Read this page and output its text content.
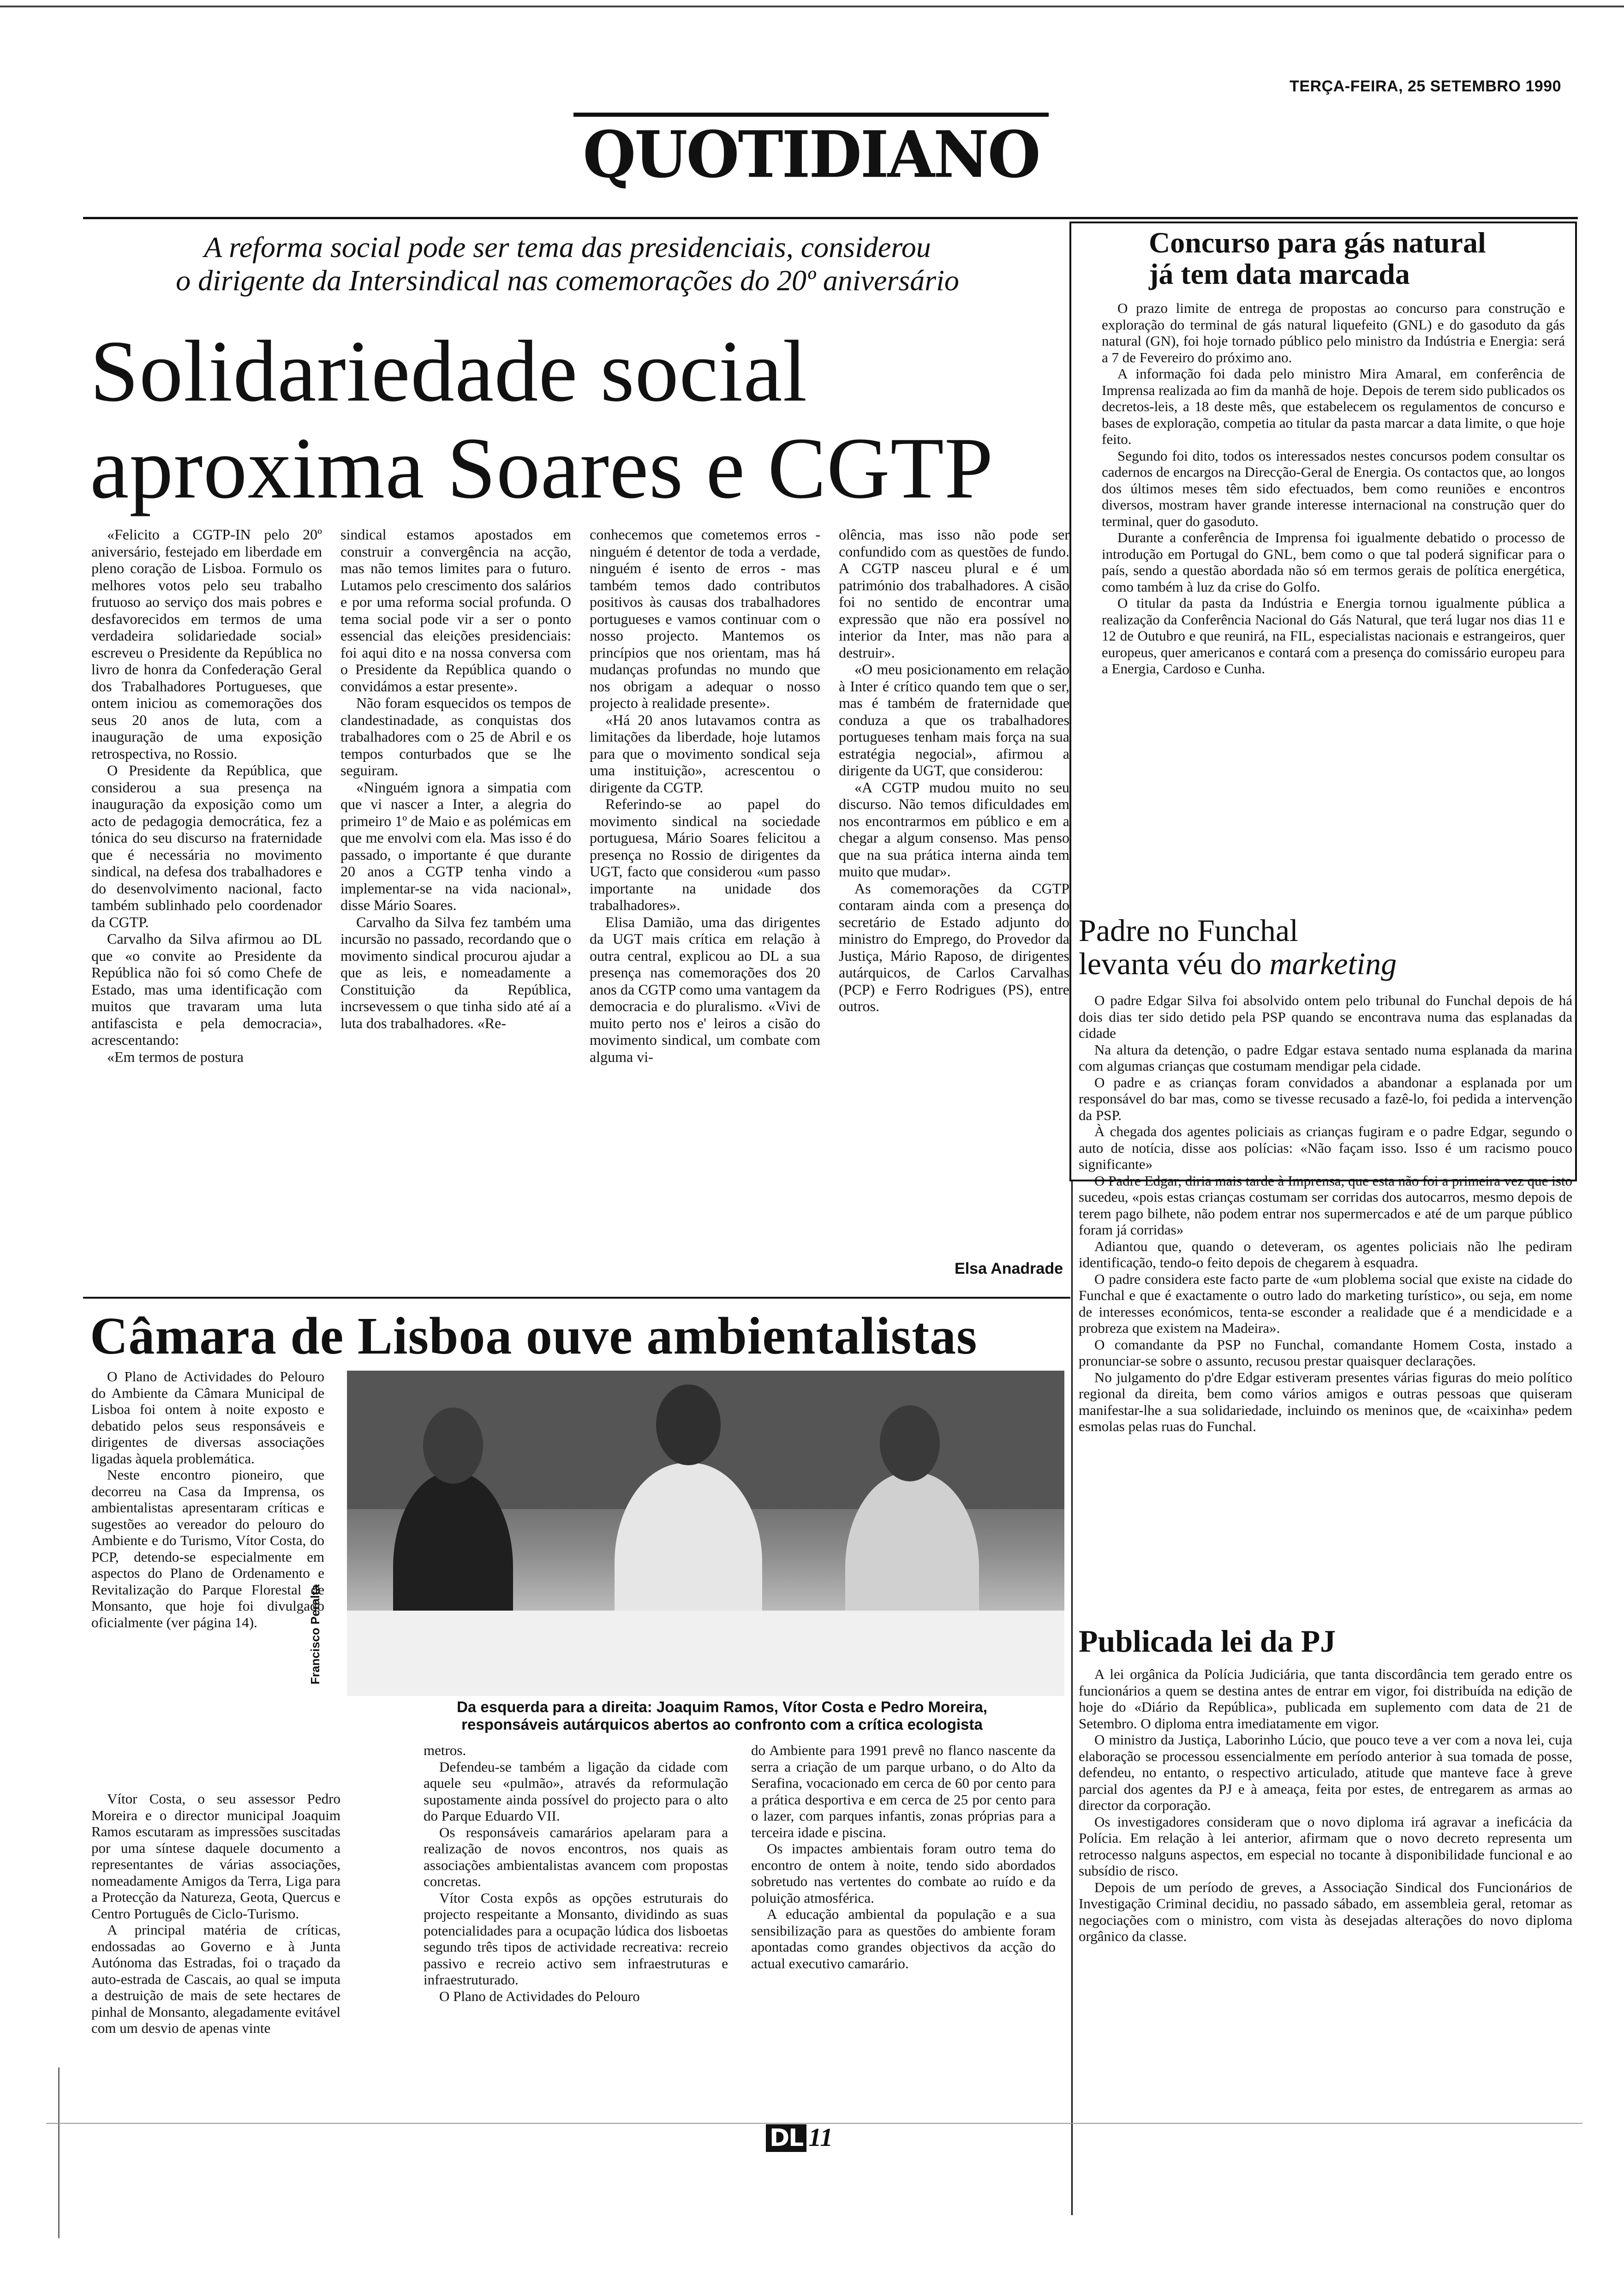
TERÇA-FEIRA, 25 SETEMBRO 1990
QUOTIDIANO
A reforma social pode ser tema das presidenciais, considerou
o dirigente da Intersindical nas comemorações do 20º aniversário
Solidariedade social
aproxima Soares e CGTP

«Felicito a CGTP-IN pelo 20º aniversário, festejado em liberdade em pleno coração de Lisboa. Formulo os melhores votos pelo seu trabalho frutuoso ao serviço dos mais pobres e desfavorecidos em termos de uma verdadeira solidariedade social» escreveu o Presidente da República no livro de honra da Confederação Geral dos Trabalhadores Portugueses, que ontem iniciou as comemorações dos seus 20 anos de luta, com a inauguração de uma exposição retrospectiva, no Rossio.

O Presidente da República, que considerou a sua presença na inauguração da exposição como um acto de pedagogia democrática, fez a tónica do seu discurso na fraternidade que é necessária no movimento sindical, na defesa dos trabalhadores e do desenvolvimento nacional, facto também sublinhado pelo coordenador da CGTP.

Carvalho da Silva afirmou ao DL que «o convite ao Presidente da República não foi só como Chefe de Estado, mas uma identificação com muitos que travaram uma luta antifascista e pela democracia», acrescentando:

«Em termos de postura

sindical estamos apostados em construir a convergência na acção, mas não temos limites para o futuro. Lutamos pelo crescimento dos salários e por uma reforma social profunda. O tema social pode vir a ser o ponto essencial das eleições presidenciais: foi aqui dito e na nossa conversa com o Presidente da República quando o convidámos a estar presente».

Não foram esquecidos os tempos de clandestinadade, as conquistas dos trabalhadores com o 25 de Abril e os tempos conturbados que se lhe seguiram.

«Ninguém ignora a simpatia com que vi nascer a Inter, a alegria do primeiro 1º de Maio e as polémicas em que me envolvi com ela. Mas isso é do passado, o importante é que durante 20 anos a CGTP tenha vindo a implementar-se na vida nacional», disse Mário Soares.

Carvalho da Silva fez também uma incursão no passado, recordando que o movimento sindical procurou ajudar a que as leis, e nomeadamente a Constituição da República, incrsevessem o que tinha sido até aí a luta dos trabalhadores. «Re-

conhecemos que cometemos erros - ninguém é detentor de toda a verdade, ninguém é isento de erros - mas também temos dado contributos positivos às causas dos trabalhadores portugueses e vamos continuar com o nosso projecto. Mantemos os princípios que nos orientam, mas há mudanças profundas no mundo que nos obrigam a adequar o nosso projecto à realidade presente».

«Há 20 anos lutavamos contra as limitações da liberdade, hoje lutamos para que o movimento sondical seja uma instituição», acrescentou o dirigente da CGTP.

Referindo-se ao papel do movimento sindical na sociedade portuguesa, Mário Soares felicitou a presença no Rossio de dirigentes da UGT, facto que considerou «um passo importante na unidade dos trabalhadores».

Elisa Damião, uma das dirigentes da UGT mais crítica em relação à outra central, explicou ao DL a sua presença nas comemorações dos 20 anos da CGTP como uma vantagem da democracia e do pluralismo. «Vivi de muito perto nos e' leiros a cisão do movimento sindical, um combate com alguma vi-

olência, mas isso não pode ser confundido com as questões de fundo. A CGTP nasceu plural e é um património dos trabalhadores. A cisão foi no sentido de encontrar uma expressão que não era possível no interior da Inter, mas não para a destruir».

«O meu posicionamento em relação à Inter é crítico quando tem que o ser, mas é também de fraternidade que conduza a que os trabalhadores portugueses tenham mais força na sua estratégia negocial», afirmou a dirigente da UGT, que considerou:

«A CGTP mudou muito no seu discurso. Não temos dificuldades em nos encontrarmos em público e em a chegar a algum consenso. Mas penso que na sua prática interna ainda tem muito que mudar».

As comemorações da CGTP contaram ainda com a presença do secretário de Estado adjunto do ministro do Emprego, do Provedor da Justiça, Mário Raposo, de dirigentes autárquicos, de Carlos Carvalhas (PCP) e Ferro Rodrigues (PS), entre outros.

Elsa Anadrade
Concurso para gás natural
já tem data marcada

O prazo limite de entrega de propostas ao concurso para construção e exploração do terminal de gás natural liquefeito (GNL) e do gasoduto da gás natural (GN), foi hoje tornado público pelo ministro da Indústria e Energia: será a 7 de Fevereiro do próximo ano.

A informação foi dada pelo ministro Mira Amaral, em conferência de Imprensa realizada ao fim da manhã de hoje. Depois de terem sido publicados os decretos-leis, a 18 deste mês, que estabelecem os regulamentos de concurso e bases de exploração, competia ao titular da pasta marcar a data limite, o que hoje feito.

Segundo foi dito, todos os interessados nestes concursos podem consultar os cadernos de encargos na Direcção-Geral de Energia. Os contactos que, ao longos dos últimos meses têm sido efectuados, bem como reuniões e encontros diversos, mostram haver grande interesse internacional na construção quer do terminal, quer do gasoduto.

Durante a conferência de Imprensa foi igualmente debatido o processo de introdução em Portugal do GNL, bem como o que tal poderá significar para o país, sendo a questão abordada não só em termos gerais de política energética, como também à luz da crise do Golfo.

O titular da pasta da Indústria e Energia tornou igualmente pública a realização da Conferência Nacional do Gás Natural, que terá lugar nos dias 11 e 12 de Outubro e que reunirá, na FIL, especialistas nacionais e estrangeiros, quer europeus, quer americanos e contará com a presença do comissário europeu para a Energia, Cardoso e Cunha.

Padre no Funchal
levanta véu do marketing

O padre Edgar Silva foi absolvido ontem pelo tribunal do Funchal depois de há dois dias ter sido detido pela PSP quando se encontrava numa das esplanadas da cidade

Na altura da detenção, o padre Edgar estava sentado numa esplanada da marina com algumas crianças que costumam mendigar pela cidade.

O padre e as crianças foram convidados a abandonar a esplanada por um responsável do bar mas, como se tivesse recusado a fazê-lo, foi pedida a intervenção da PSP.

À chegada dos agentes policiais as crianças fugiram e o padre Edgar, segundo o auto de notícia, disse aos polícias: «Não façam isso. Isso é um racismo pouco significante»

O Padre Edgar, diria mais tarde à Imprensa, que esta não foi a primeira vez que isto sucedeu, «pois estas crianças costumam ser corridas dos autocarros, mesmo depois de terem pago bilhete, não podem entrar nos supermercados e até de um parque público foram já corridas»

Adiantou que, quando o deteveram, os agentes policiais não lhe pediram identificação, tendo-o feito depois de chegarem à esquadra.

O padre considera este facto parte de «um ploblema social que existe na cidade do Funchal e que é exactamente o outro lado do marketing turístico», ou seja, em nome de interesses económicos, tenta-se esconder a realidade que é a mendicidade e a probreza que existem na Madeira».

O comandante da PSP no Funchal, comandante Homem Costa, instado a pronunciar-se sobre o assunto, recusou prestar quaisquer declarações.

No julgamento do p'dre Edgar estiveram presentes várias figuras do meio político regional da direita, bem como vários amigos e outras pessoas que quiseram manifestar-lhe a sua solidariedade, incluindo os meninos que, de «caixinha» pedem esmolas pelas ruas do Funchal.

Publicada lei da PJ

A lei orgânica da Polícia Judiciária, que tanta discordância tem gerado entre os funcionários a quem se destina antes de entrar em vigor, foi distribuída na edição de hoje do «Diário da República», publicada em suplemento com data de 21 de Setembro. O diploma entra imediatamente em vigor.

O ministro da Justiça, Laborinho Lúcio, que pouco teve a ver com a nova lei, cuja elaboração se processou essencialmente em período anterior à sua tomada de posse, defendeu, no entanto, o respectivo articulado, atitude que manteve face à greve parcial dos agentes da PJ e à ameaça, feita por estes, de entregarem as armas ao director da corporação.

Os investigadores consideram que o novo diploma irá agravar a ineficácia da Polícia. Em relação à lei anterior, afirmam que o novo decreto representa um retrocesso nalguns aspectos, em especial no tocante à disponibilidade funcional e ao subsídio de risco.

Depois de um período de greves, a Associação Sindical dos Funcionários de Investigação Criminal decidiu, no passado sábado, em assembleia geral, retomar as negociações com o ministro, com vista às desejadas alterações do novo diploma orgânico da classe.

Câmara de Lisboa ouve ambientalistas

O Plano de Actividades do Pelouro do Ambiente da Câmara Municipal de Lisboa foi ontem à noite exposto e debatido pelos seus responsáveis e dirigentes de diversas associações ligadas àquela problemática.

Neste encontro pioneiro, que decorreu na Casa da Imprensa, os ambientalistas apresentaram críticas e sugestões ao vereador do pelouro do Ambiente e do Turismo, Vítor Costa, do PCP, detendo-se especialmente em aspectos do Plano de Ordenamento e Revitalização do Parque Florestal de Monsanto, que hoje foi divulgado oficialmente (ver página 14).	Francisco Peralta
Da esquerda para a direita: Joaquim Ramos, Vítor Costa e Pedro Moreira,
responsáveis autárquicos abertos ao confronto com a crítica ecologista

Vítor Costa, o seu assessor Pedro Moreira e o director municipal Joaquim Ramos escutaram as impressões suscitadas por uma síntese daquele documento a representantes de várias associações, nomeadamente Amigos da Terra, Liga para a Protecção da Natureza, Geota, Quercus e Centro Português de Ciclo-Turismo.

A principal matéria de críticas, endossadas ao Governo e à Junta Autónoma das Estradas, foi o traçado da auto-estrada de Cascais, ao qual se imputa a destruição de mais de sete hectares de pinhal de Monsanto, alegadamente evitável com um desvio de apenas vinte

metros.

Defendeu-se também a ligação da cidade com aquele seu «pulmão», através da reformulação supostamente ainda possível do projecto para o alto do Parque Eduardo VII.

Os responsáveis camarários apelaram para a realização de novos encontros, nos quais as associações ambientalistas avancem com propostas concretas.

Vítor Costa expôs as opções estruturais do projecto respeitante a Monsanto, dividindo as suas potencialidades para a ocupação lúdica dos lisboetas segundo três tipos de actividade recreativa: recreio passivo e recreio activo sem infraestruturas e infraestruturado.

O Plano de Actividades do Pelouro

do Ambiente para 1991 prevê no flanco nascente da serra a criação de um parque urbano, o do Alto da Serafina, vocacionado em cerca de 60 por cento para a prática desportiva e em cerca de 25 por cento para o lazer, com parques infantis, zonas próprias para a terceira idade e piscina.

Os impactes ambientais foram outro tema do encontro de ontem à noite, tendo sido abordados sobretudo nas vertentes do combate ao ruído e da poluição atmosférica.

A educação ambiental da população e a sua sensibilização para as questões do ambiente foram apontadas como grandes objectivos da acção do actual executivo camarário.

DL 11
